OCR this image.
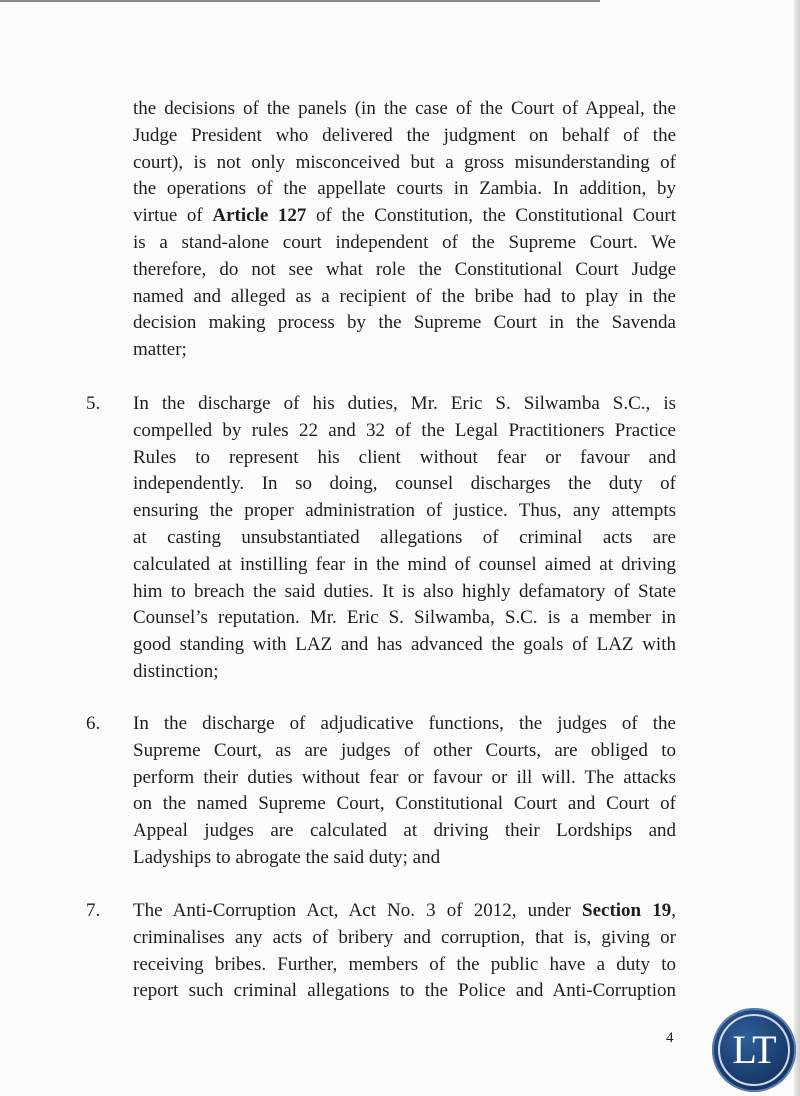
the decisions of the panels (in the case of the Court of Appeal, the
Judge President who delivered the judgment on behalf of the
court), is not only misconceived but a gross misunderstanding of
the operations of the appellate courts in Zambia. In addition, by
virtue of Article 127 of the Constitution, the Constitutional Court
is a stand-alone court independent of the Supreme Court. We
therefore, do not see what role the Constitutional Court Judge
named and alleged as a recipient of the bribe had to play in the
decision making process by the Supreme Court in the Savenda
matter;
5. In the discharge of his duties, Mr. Eric S. Silwamba S.C., is
compelled by rules 22 and 32 of the Legal Practitioners Practice
Rules to represent his client without fear or favour and
independently. In so doing, counsel discharges the duty of
ensuring the proper administration of justice. Thus, any attempts
at casting unsubstantiated allegations of criminal acts are
calculated at instilling fear in the mind of counsel aimed at driving
him to breach the said duties. It is also highly defamatory of State
Counsel’s reputation. Mr. Eric S. Silwamba, S.C. is a member in
good standing with LAZ and has advanced the goals of LAZ with
distinction;
6. In the discharge of adjudicative functions, the judges of the
Supreme Court, as are judges of other Courts, are obliged to
perform their duties without fear or favour or ill will. The attacks
on the named Supreme Court, Constitutional Court and Court of
Appeal judges are calculated at driving their Lordships and
Ladyships to abrogate the said duty; and
7. The Anti-Corruption Act, Act No. 3 of 2012, under Section 19,
criminalises any acts of bribery and corruption, that is, giving or
receiving bribes. Further, members of the public have a duty to
report such criminal allegations to the Police and Anti-Corruption
4	LT
